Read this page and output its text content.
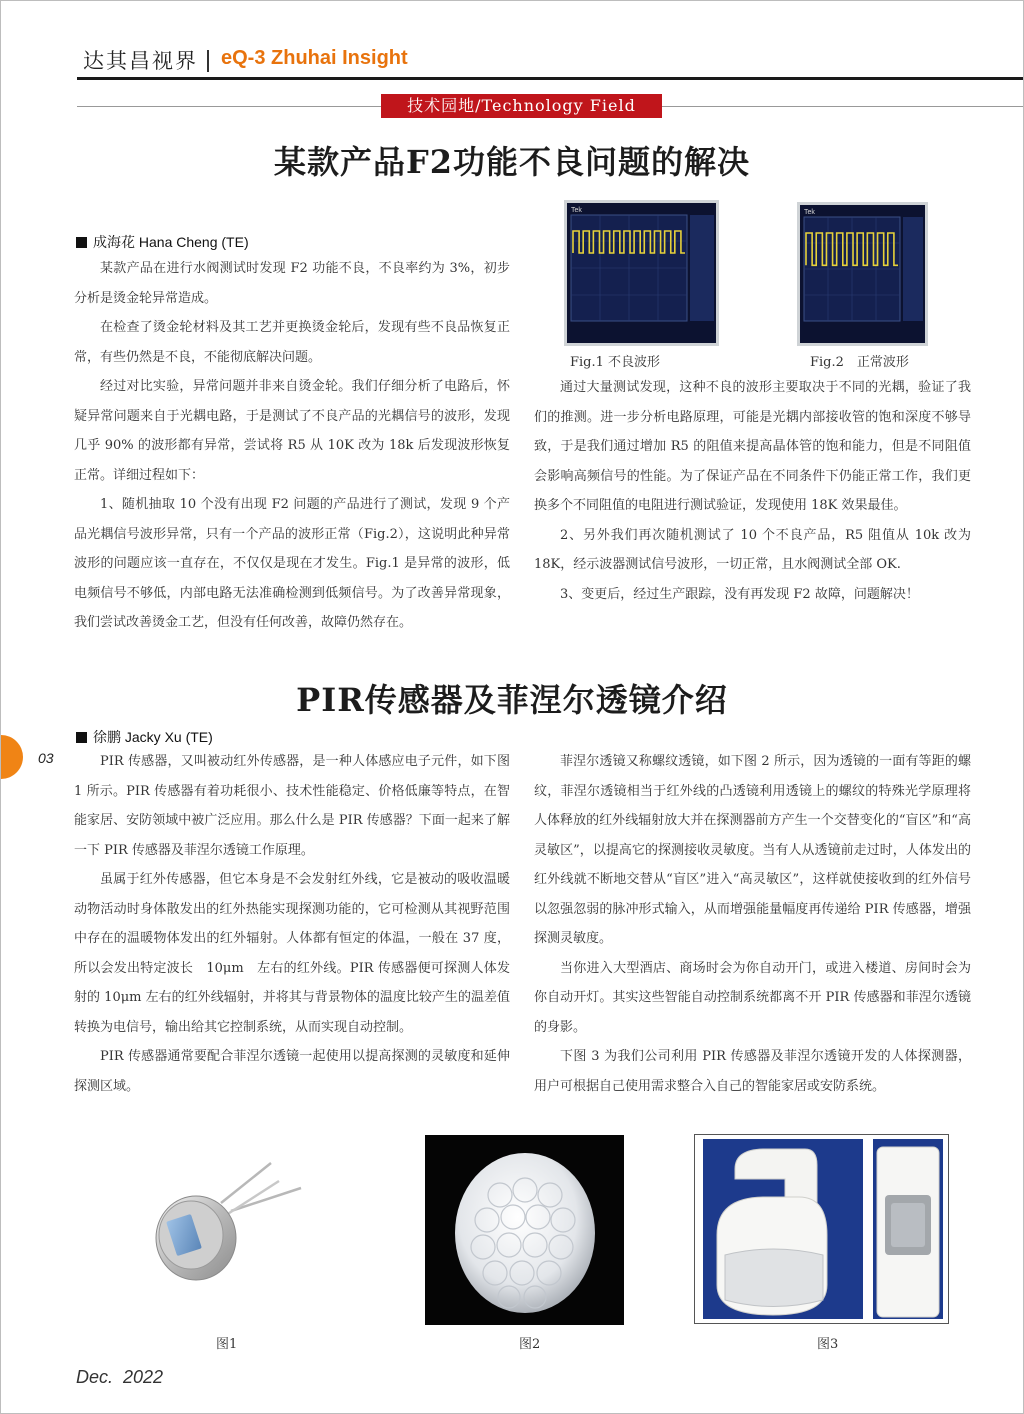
达其昌视界 eQ-3 Zhuhai Insight
技术园地/Technology Field
某款产品F2功能不良问题的解决
成海花 Hana Cheng (TE)

某款产品在进行水阀测试时发现 F2 功能不良，不良率约为 3%，初步分析是烫金轮异常造成。

在检查了烫金轮材料及其工艺并更换烫金轮后，发现有些不良品恢复正常，有些仍然是不良，不能彻底解决问题。

经过对比实验，异常问题并非来自烫金轮。我们仔细分析了电路后，怀疑异常问题来自于光耦电路，于是测试了不良产品的光耦信号的波形，发现几乎 90% 的波形都有异常，尝试将 R5 从 10K 改为 18k 后发现波形恢复正常。详细过程如下：

1、随机抽取 10 个没有出现 F2 问题的产品进行了测试，发现 9 个产品光耦信号波形异常，只有一个产品的波形正常（Fig.2），这说明此种异常波形的问题应该一直存在，不仅仅是现在才发生。Fig.1 是异常的波形，低电频信号不够低，内部电路无法准确检测到低频信号。为了改善异常现象，我们尝试改善烫金工艺，但没有任何改善，故障仍然存在。

Tek	Tek
Fig.1 不良波形	Fig.2　正常波形

通过大量测试发现，这种不良的波形主要取决于不同的光耦，验证了我们的推测。进一步分析电路原理，可能是光耦内部接收管的饱和深度不够导致，于是我们通过增加 R5 的阻值来提高晶体管的饱和能力，但是不同阻值会影响高频信号的性能。为了保证产品在不同条件下仍能正常工作，我们更换多个不同阻值的电阻进行测试验证，发现使用 18K 效果最佳。

2、另外我们再次随机测试了 10 个不良产品，R5 阻值从 10k 改为 18K，经示波器测试信号波形，一切正常，且水阀测试全部 OK.

3、变更后，经过生产跟踪，没有再发现 F2 故障，问题解决！

PIR传感器及菲涅尔透镜介绍
徐鹏 Jacky Xu (TE)
03	PIR 传感器，又叫被动红外传感器，是一种人体感应电子元件，如下图 1 所示。PIR 传感器有着功耗很小、技术性能稳定、价格低廉等特点，在智能家居、安防领域中被广泛应用。那么什么是 PIR 传感器？下面一起来了解一下 PIR 传感器及菲涅尔透镜工作原理。

虽属于红外传感器，但它本身是不会发射红外线，它是被动的吸收温暖动物活动时身体散发出的红外热能实现探测功能的，它可检测从其视野范围中存在的温暖物体发出的红外辐射。人体都有恒定的体温，一般在 37 度，所以会发出特定波长　10μm　左右的红外线。PIR 传感器便可探测人体发射的 10μm 左右的红外线辐射，并将其与背景物体的温度比较产生的温差值转换为电信号，输出给其它控制系统，从而实现自动控制。

PIR 传感器通常要配合菲涅尔透镜一起使用以提高探测的灵敏度和延伸探测区域。

菲涅尔透镜又称螺纹透镜，如下图 2 所示，因为透镜的一面有等距的螺纹，菲涅尔透镜相当于红外线的凸透镜利用透镜上的螺纹的特殊光学原理将人体释放的红外线辐射放大并在探测器前方产生一个交替变化的“盲区”和“高灵敏区”，以提高它的探测接收灵敏度。当有人从透镜前走过时，人体发出的红外线就不断地交替从“盲区”进入“高灵敏区”，这样就使接收到的红外信号以忽强忽弱的脉冲形式输入，从而增强能量幅度再传递给 PIR 传感器，增强探测灵敏度。

当你进入大型酒店、商场时会为你自动开门，或进入楼道、房间时会为你自动开灯。其实这些智能自动控制系统都离不开 PIR 传感器和菲涅尔透镜的身影。

下图 3 为我们公司利用 PIR 传感器及菲涅尔透镜开发的人体探测器，用户可根据自己使用需求整合入自己的智能家居或安防系统。

图1	图2	图3
Dec.  2022
